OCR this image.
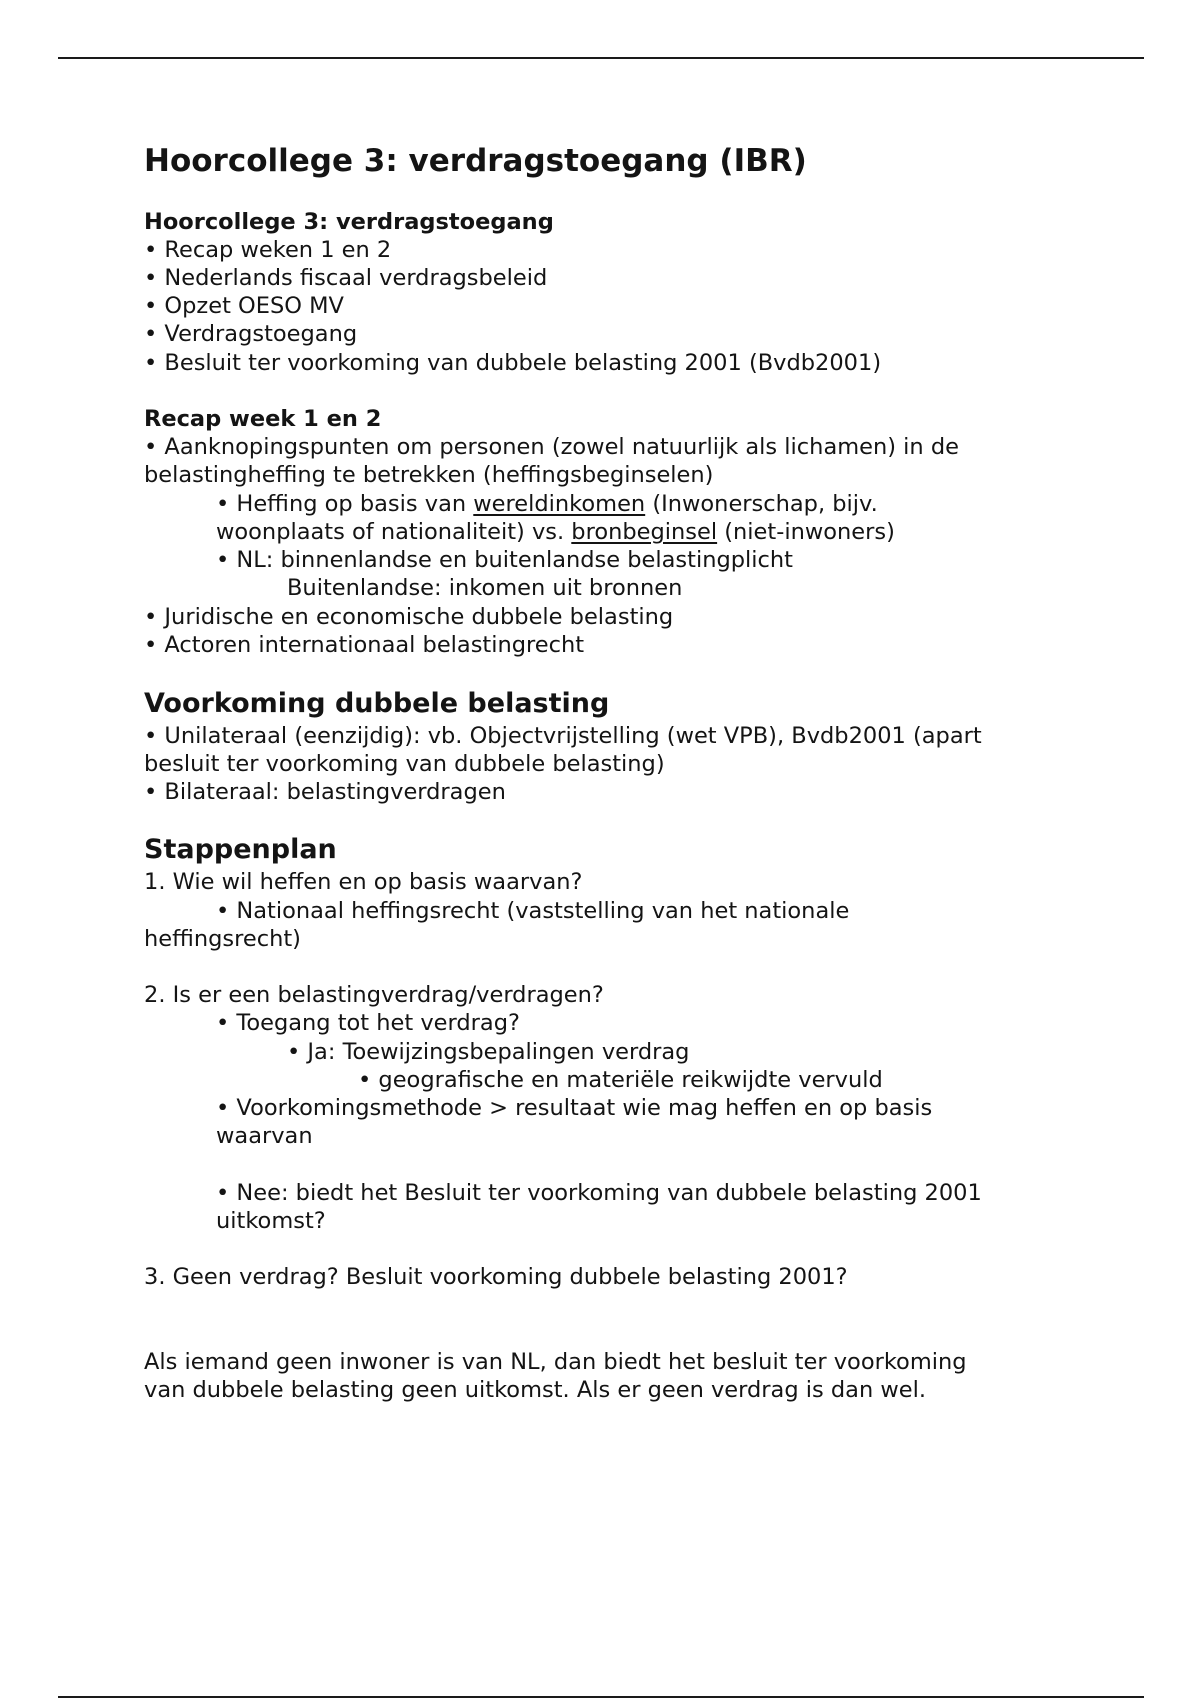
Hoorcollege 3: verdragstoegang (IBR)
Hoorcollege 3: verdragstoegang
• Recap weken 1 en 2
• Nederlands fiscaal verdragsbeleid
• Opzet OESO MV
• Verdragstoegang
• Besluit ter voorkoming van dubbele belasting 2001 (Bvdb2001)
Recap week 1 en 2
• Aanknopingspunten om personen (zowel natuurlijk als lichamen) in de
belastingheffing te betrekken (heffingsbeginselen)
• Heffing op basis van wereldinkomen (Inwonerschap, bijv.
woonplaats of nationaliteit) vs. bronbeginsel (niet-inwoners)
• NL: binnenlandse en buitenlandse belastingplicht
Buitenlandse: inkomen uit bronnen
• Juridische en economische dubbele belasting
• Actoren internationaal belastingrecht
Voorkoming dubbele belasting
• Unilateraal (eenzijdig): vb. Objectvrijstelling (wet VPB), Bvdb2001 (apart
besluit ter voorkoming van dubbele belasting)
• Bilateraal: belastingverdragen
Stappenplan
1. Wie wil heffen en op basis waarvan?
• Nationaal heffingsrecht (vaststelling van het nationale
heffingsrecht)
2. Is er een belastingverdrag/verdragen?
• Toegang tot het verdrag?
• Ja: Toewijzingsbepalingen verdrag
• geografische en materiële reikwijdte vervuld
• Voorkomingsmethode > resultaat wie mag heffen en op basis
waarvan
• Nee: biedt het Besluit ter voorkoming van dubbele belasting 2001
uitkomst?
3. Geen verdrag? Besluit voorkoming dubbele belasting 2001?
Als iemand geen inwoner is van NL, dan biedt het besluit ter voorkoming
van dubbele belasting geen uitkomst. Als er geen verdrag is dan wel.
